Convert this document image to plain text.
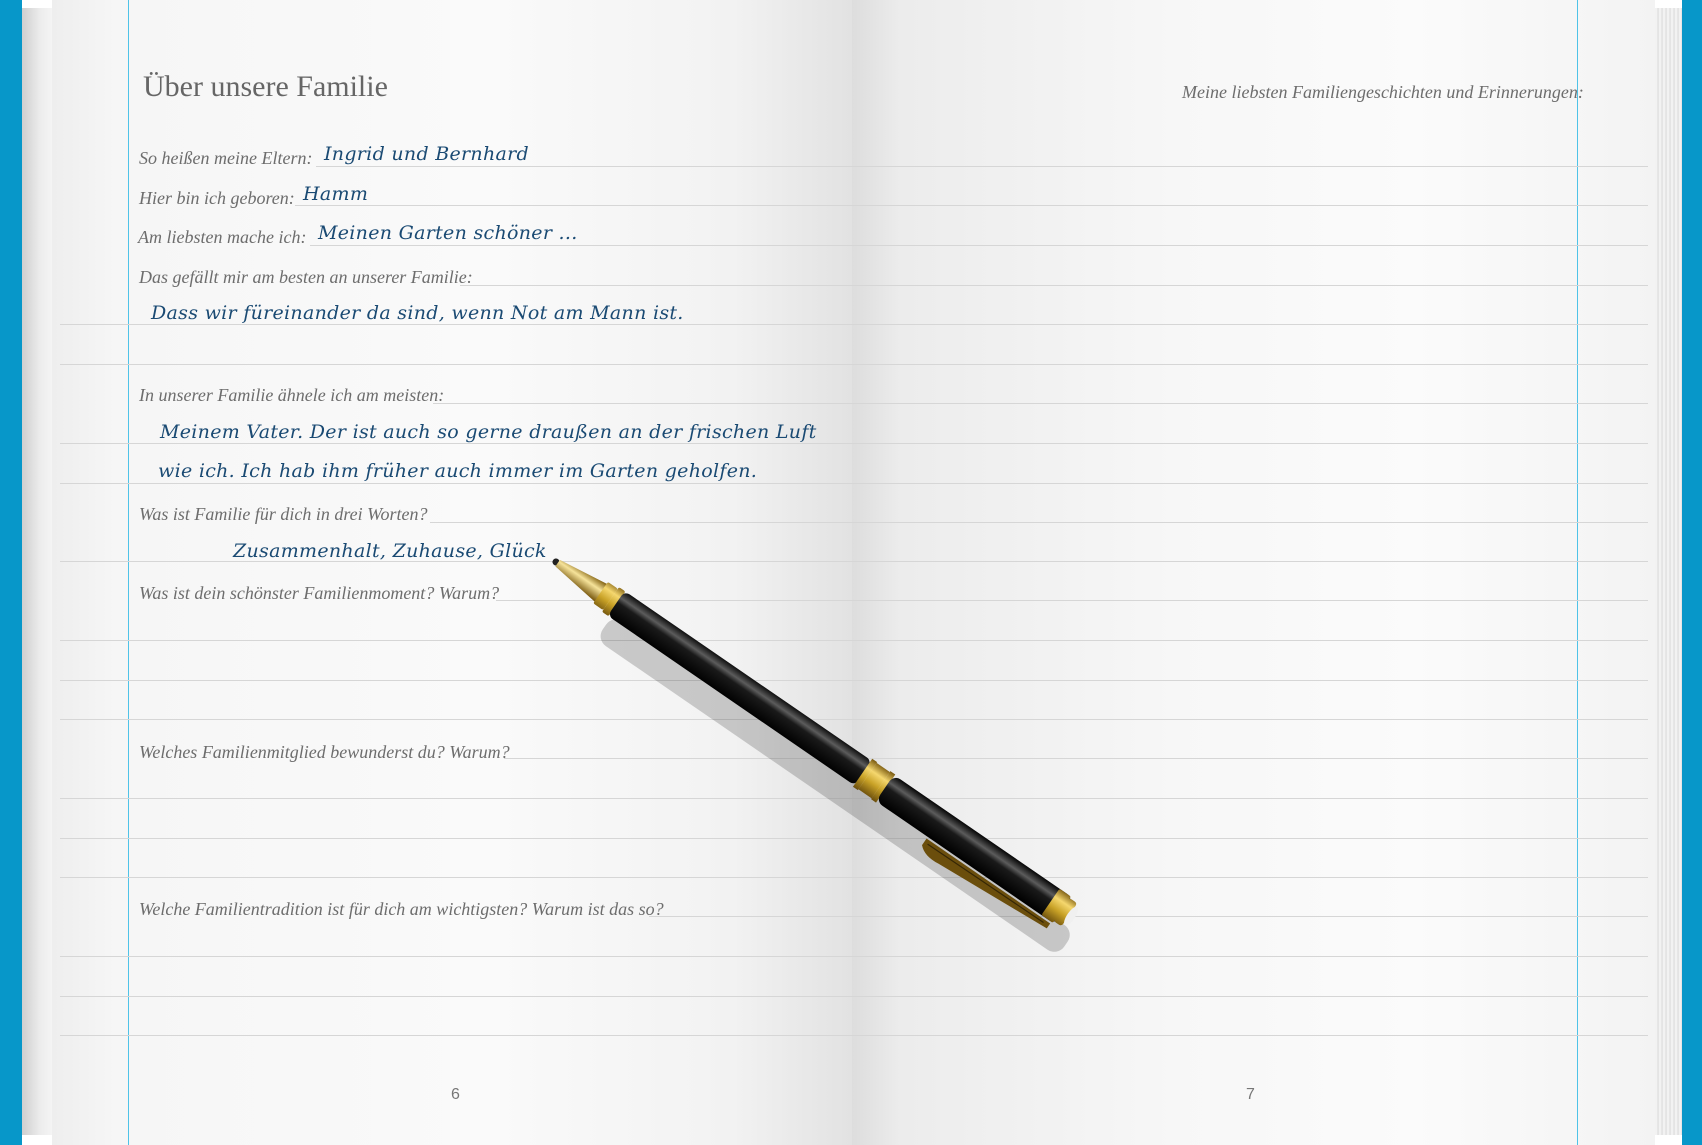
Über unsere Familie	Meine liebsten Familiengeschichten und Erinnerungen:
So heißen meine Eltern: Ingrid und Bernhard
Hier bin ich geboren: Hamm
Am liebsten mache ich: Meinen Garten schöner ...
Das gefällt mir am besten an unserer Familie:
Dass wir füreinander da sind, wenn Not am Mann ist.
In unserer Familie ähnele ich am meisten:
Meinem Vater. Der ist auch so gerne draußen an der frischen Luft
wie ich. Ich hab ihm früher auch immer im Garten geholfen.
Was ist Familie für dich in drei Worten?
Zusammenhalt, Zuhause, Glück
Was ist dein schönster Familienmoment? Warum?
Welches Familienmitglied bewunderst du? Warum?
Welche Familientradition ist für dich am wichtigsten? Warum ist das so?
6	7
